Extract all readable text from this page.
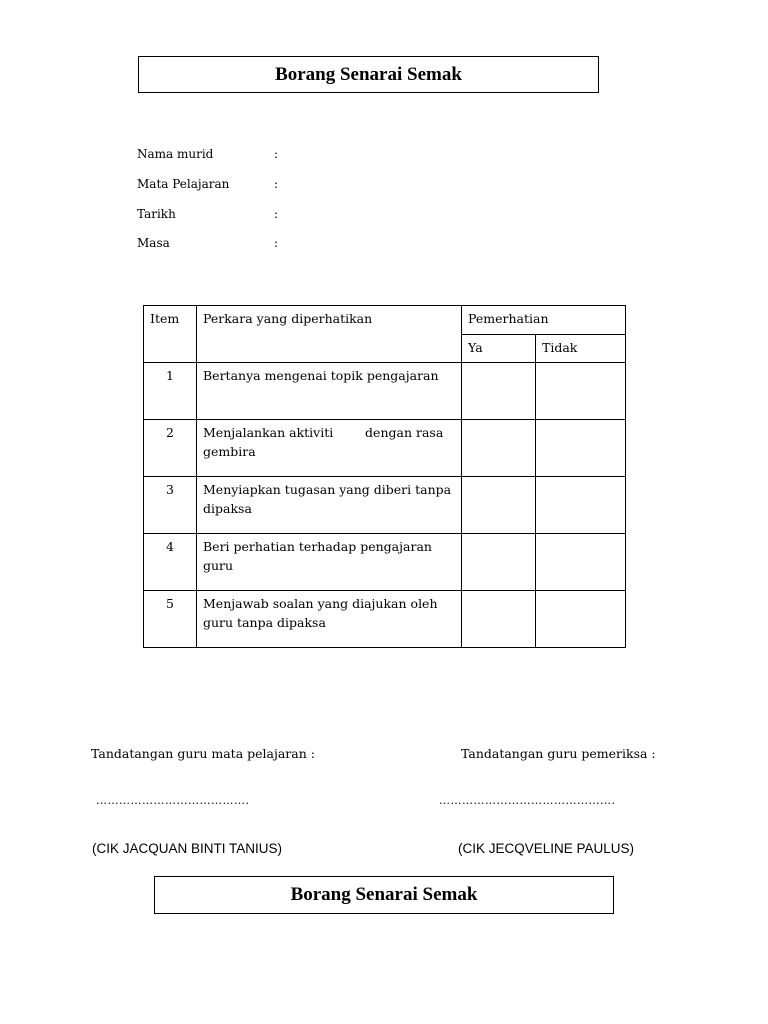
Borang Senarai Semak
Nama murid	:
Mata Pelajaran	:
Tarikh	:
Masa	:
Item	Perkara yang diperhatikan	Pemerhatian	
		Ya	Tidak
1	Bertanya mengenai topik pengajaran		
2	Menjalankan aktiviti        dengan rasa gembira		
3	Menyiapkan tugasan yang diberi tanpa dipaksa		
4	Beri perhatian terhadap pengajaran guru		
5	Menjawab soalan yang diajukan oleh guru tanpa dipaksa		
Tandatangan guru mata pelajaran :	Tandatangan guru pemeriksa :
………………………………….	……………………………………….
(CIK JACQUAN BINTI TANIUS)	(CIK JECQVELINE PAULUS)
Borang Senarai Semak
